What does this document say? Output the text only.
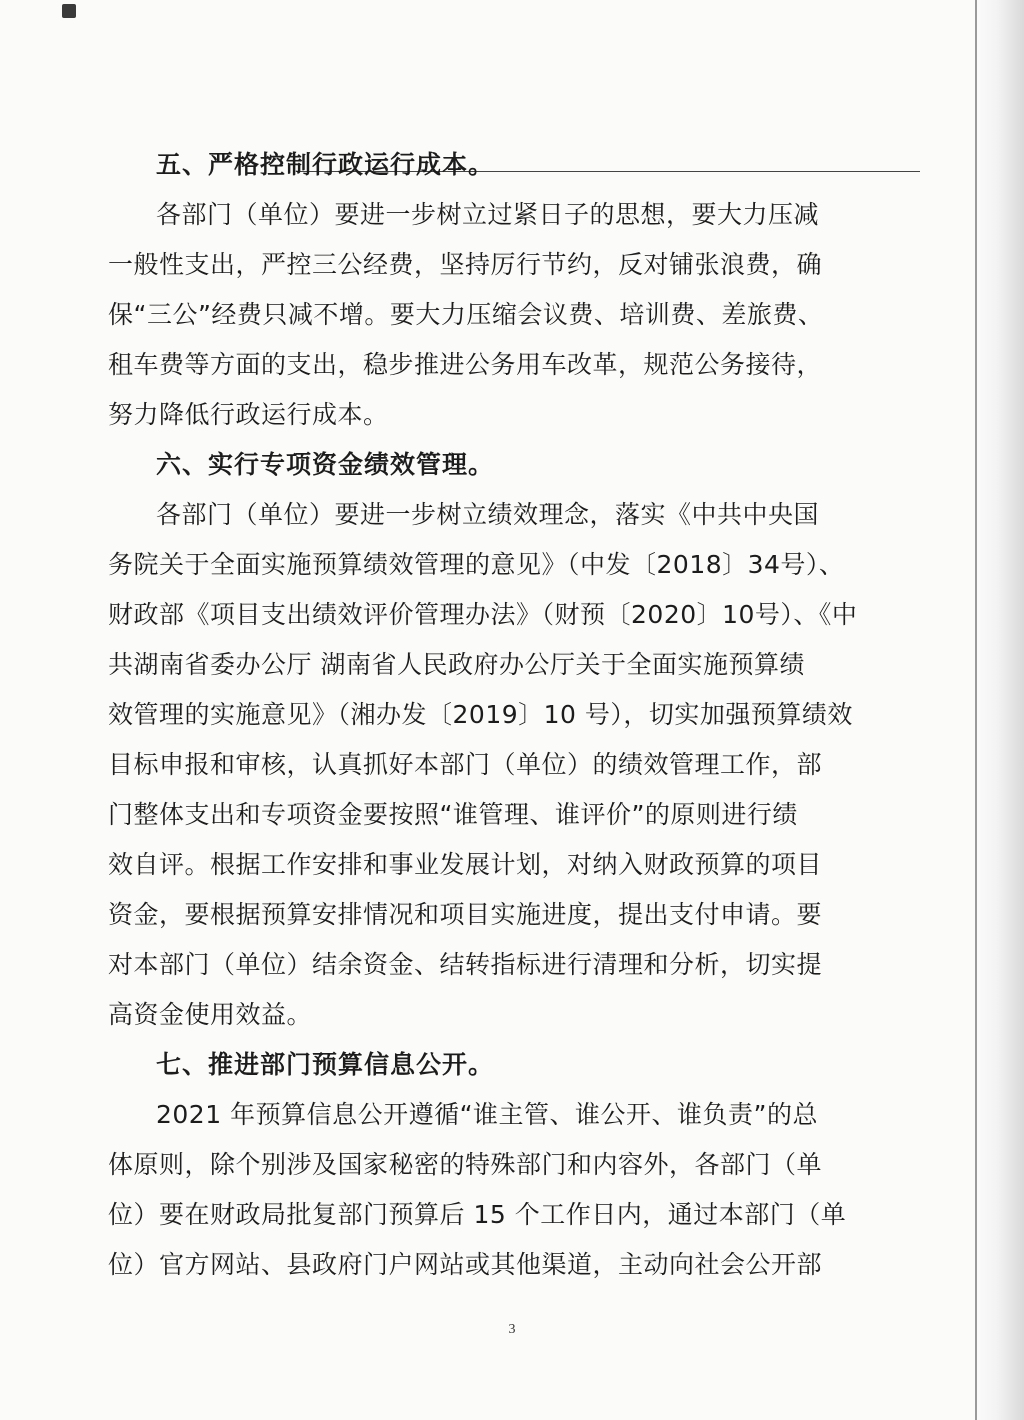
五、严格控制行政运行成本。
各部门（单位）要进一步树立过紧日子的思想，要大力压减
一般性支出，严控三公经费，坚持厉行节约，反对铺张浪费，确
保“三公”经费只减不增。要大力压缩会议费、培训费、差旅费、
租车费等方面的支出，稳步推进公务用车改革，规范公务接待，
努力降低行政运行成本。
六、实行专项资金绩效管理。
各部门（单位）要进一步树立绩效理念，落实《中共中央国
务院关于全面实施预算绩效管理的意见》（中发〔2018〕34号）、
财政部《项目支出绩效评价管理办法》（财预〔2020〕10号）、《中
共湖南省委办公厅 湖南省人民政府办公厅关于全面实施预算绩
效管理的实施意见》（湘办发〔2019〕10 号），切实加强预算绩效
目标申报和审核，认真抓好本部门（单位）的绩效管理工作，部
门整体支出和专项资金要按照“谁管理、谁评价”的原则进行绩
效自评。根据工作安排和事业发展计划，对纳入财政预算的项目
资金，要根据预算安排情况和项目实施进度，提出支付申请。要
对本部门（单位）结余资金、结转指标进行清理和分析，切实提
高资金使用效益。
七、推进部门预算信息公开。
2021 年预算信息公开遵循“谁主管、谁公开、谁负责”的总
体原则，除个别涉及国家秘密的特殊部门和内容外，各部门（单
位）要在财政局批复部门预算后 15 个工作日内，通过本部门（单
位）官方网站、县政府门户网站或其他渠道，主动向社会公开部
3
